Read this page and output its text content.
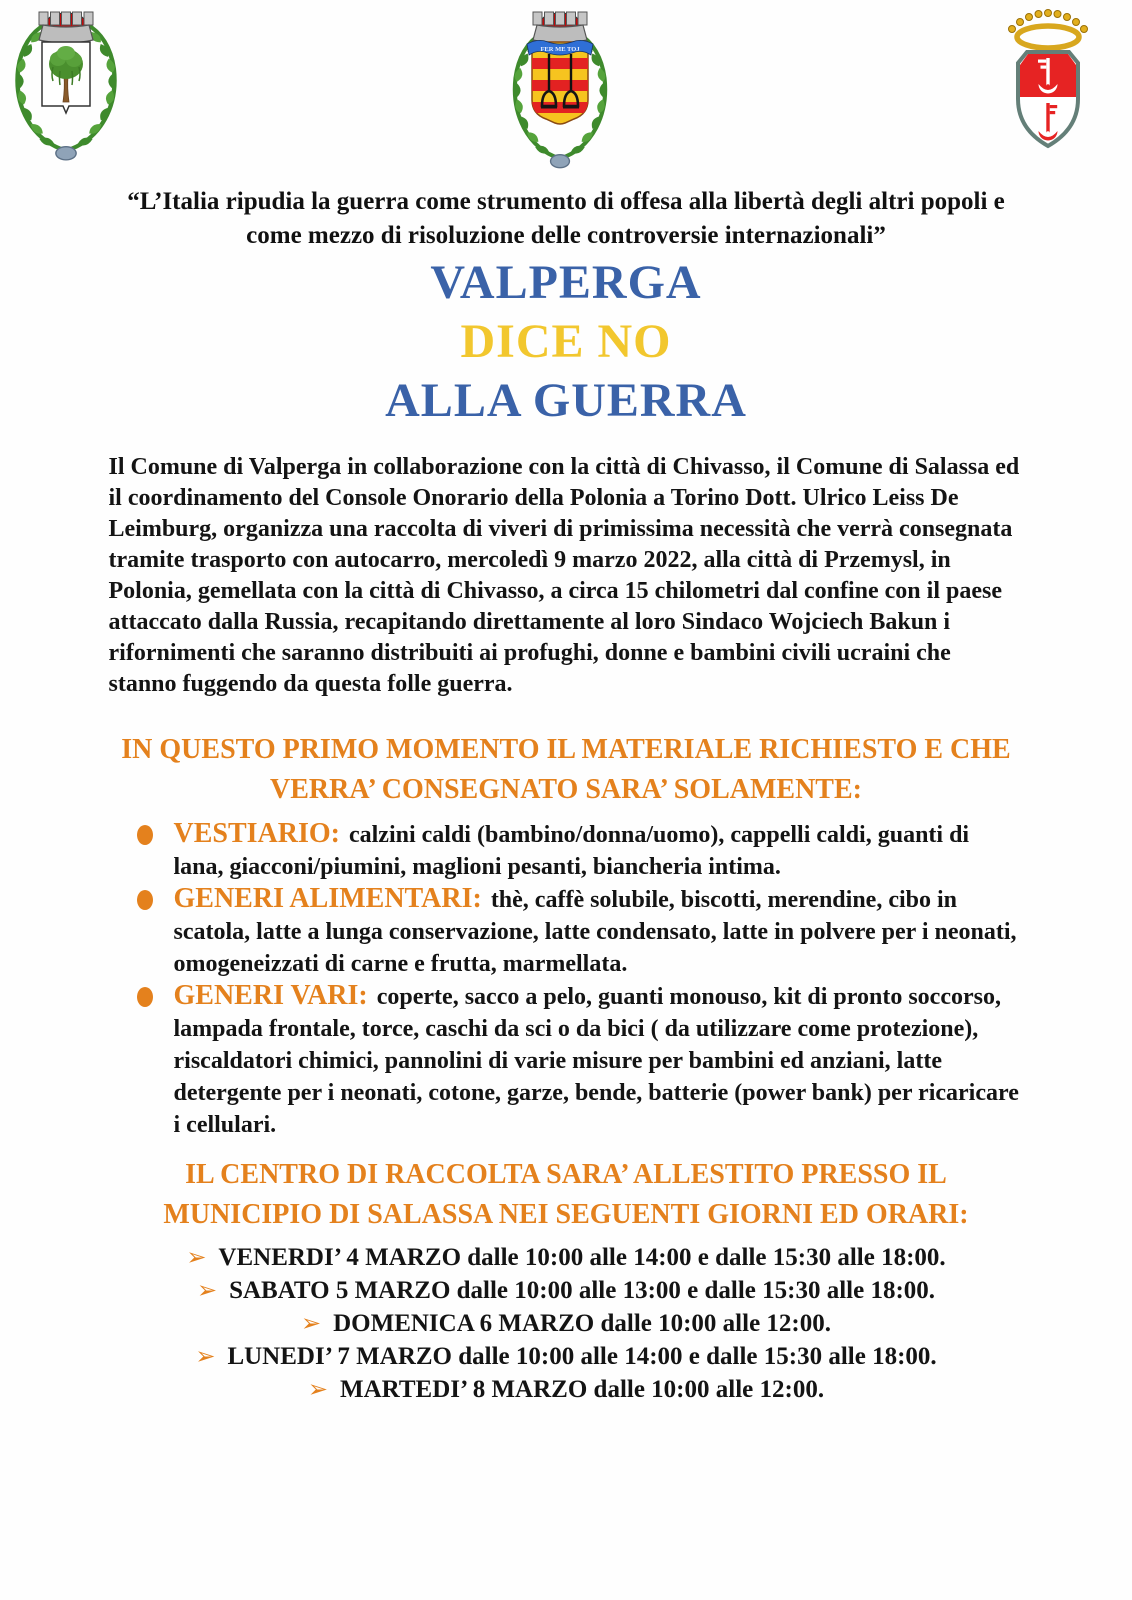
FER ME TOJ

“L’Italia ripudia la guerra come strumento di offesa alla libertà degli altri popoli e come mezzo di risoluzione delle controversie internazionali”

VALPERGA
DICE NO
ALLA GUERRA

Il Comune di Valperga in collaborazione con la città di Chivasso, il Comune di Salassa ed il coordinamento del Console Onorario della Polonia a Torino Dott. Ulrico Leiss De Leimburg, organizza una raccolta di viveri di primissima necessità che verrà consegnata tramite trasporto con autocarro, mercoledì 9 marzo 2022, alla città di Przemysl, in Polonia, gemellata con la città di Chivasso, a circa 15 chilometri dal confine con il paese attaccato dalla Russia, recapitando direttamente al loro Sindaco Wojciech Bakun i rifornimenti che saranno distribuiti ai profughi, donne e bambini civili ucraini che stanno fuggendo da questa folle guerra.

IN QUESTO PRIMO MOMENTO IL MATERIALE RICHIESTO E CHE VERRA’ CONSEGNATO SARA’ SOLAMENTE:
VESTIARIO: calzini caldi (bambino/donna/uomo), cappelli caldi, guanti di lana, giacconi/piumini, maglioni pesanti, biancheria intima.
GENERI ALIMENTARI: thè, caffè solubile, biscotti, merendine, cibo in scatola, latte a lunga conservazione, latte condensato, latte in polvere per i neonati, omogeneizzati di carne e frutta, marmellata.
GENERI VARI: coperte, sacco a pelo, guanti monouso, kit di pronto soccorso, lampada frontale, torce, caschi da sci o da bici ( da utilizzare come protezione), riscaldatori chimici, pannolini di varie misure per bambini ed anziani, latte detergente per i neonati, cotone, garze, bende, batterie (power bank) per ricaricare i cellulari.
IL CENTRO DI RACCOLTA SARA’ ALLESTITO PRESSO IL MUNICIPIO DI SALASSA NEI SEGUENTI GIORNI ED ORARI:
➢ VENERDI’ 4 MARZO dalle 10:00 alle 14:00 e dalle 15:30 alle 18:00.
➢ SABATO 5 MARZO dalle 10:00 alle 13:00 e dalle 15:30 alle 18:00.
➢ DOMENICA 6 MARZO dalle 10:00 alle 12:00.
➢ LUNEDI’ 7 MARZO dalle 10:00 alle 14:00 e dalle 15:30 alle 18:00.
➢ MARTEDI’ 8 MARZO dalle 10:00 alle 12:00.
